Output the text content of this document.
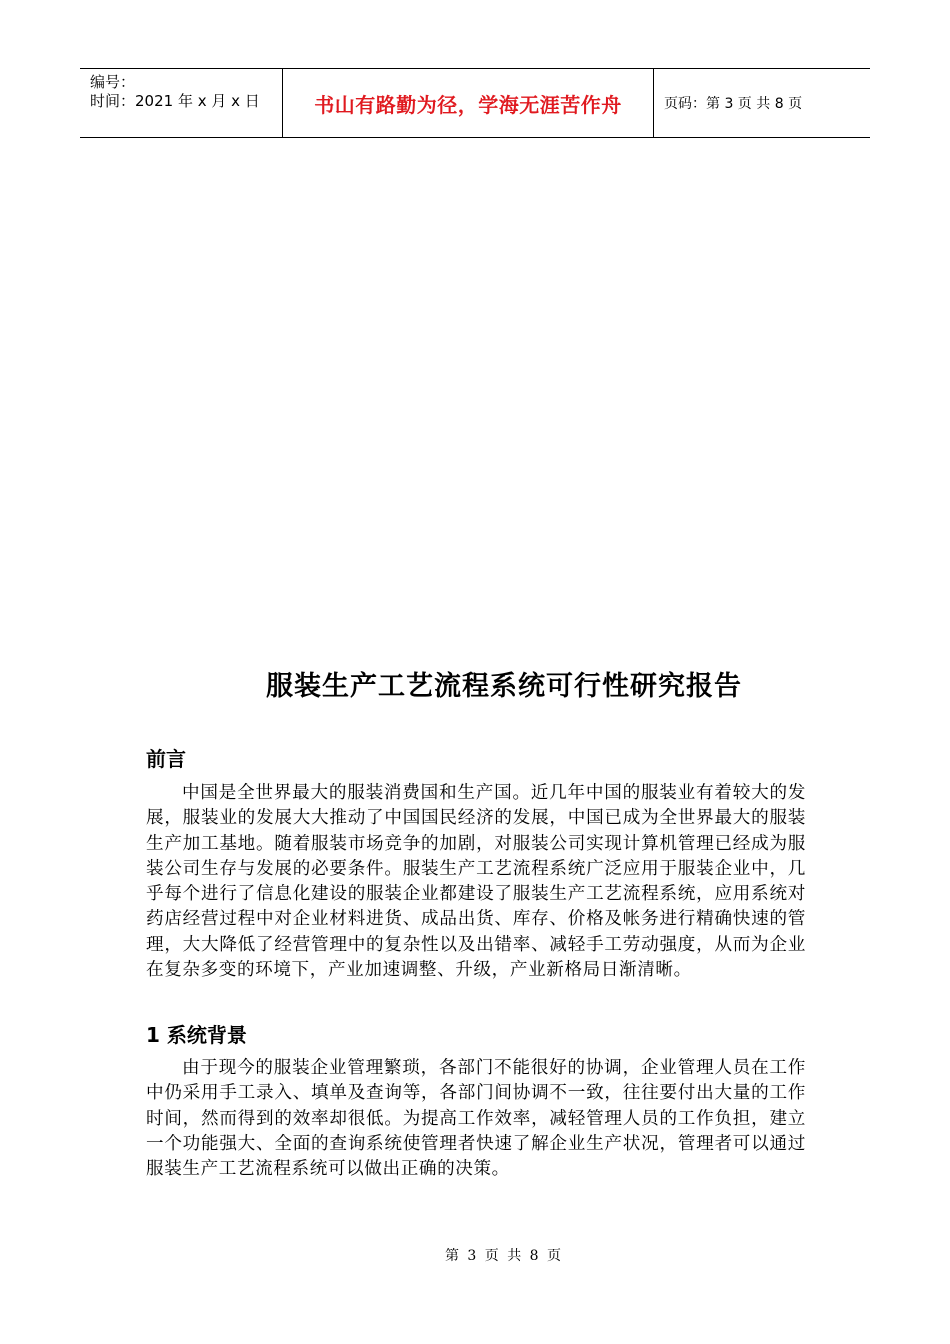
编号：
时间：2021 年 x 月 x 日	书山有路勤为径，学海无涯苦作舟	页码：第 3 页 共 8 页
服装生产工艺流程系统可行性研究报告
前言
中国是全世界最大的服装消费国和生产国。近几年中国的服装业有着较大的发展，服装业的发展大大推动了中国国民经济的发展，中国已成为全世界最大的服装生产加工基地。随着服装市场竞争的加剧，对服装公司实现计算机管理已经成为服装公司生存与发展的必要条件。服装生产工艺流程系统广泛应用于服装企业中，几乎每个进行了信息化建设的服装企业都建设了服装生产工艺流程系统，应用系统对药店经营过程中对企业材料进货、成品出货、库存、价格及帐务进行精确快速的管理，大大降低了经营管理中的复杂性以及出错率、减轻手工劳动强度，从而为企业在复杂多变的环境下，产业加速调整、升级，产业新格局日渐清晰。
1 系统背景
由于现今的服装企业管理繁琐，各部门不能很好的协调，企业管理人员在工作中仍采用手工录入、填单及查询等，各部门间协调不一致，往往要付出大量的工作时间，然而得到的效率却很低。为提高工作效率，减轻管理人员的工作负担，建立一个功能强大、全面的查询系统使管理者快速了解企业生产状况，管理者可以通过服装生产工艺流程系统可以做出正确的决策。
第 3 页 共 8 页
